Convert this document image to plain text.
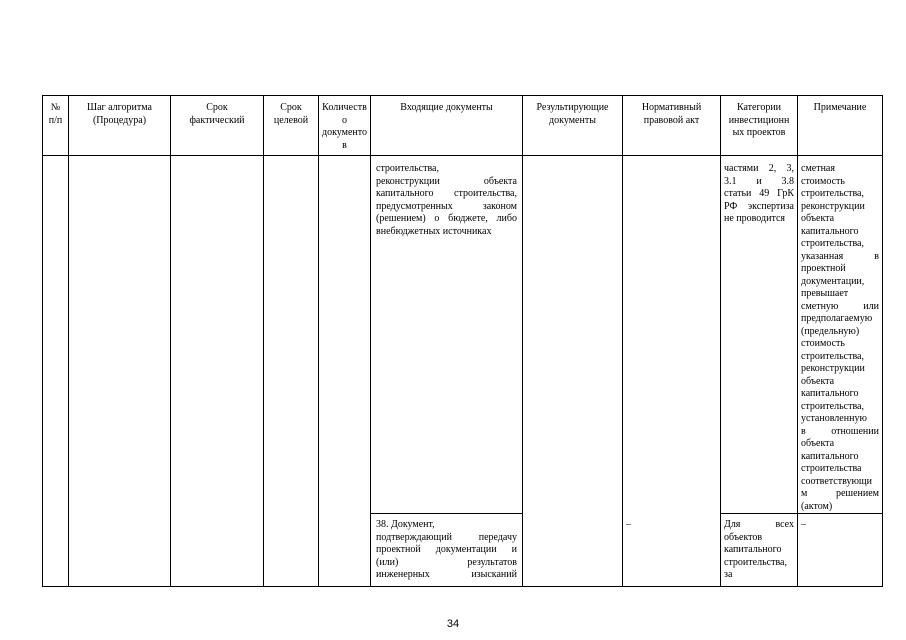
№
п/п
Шаг алгоритма
(Процедура)
Срок
фактический
Срок
целевой
Количеств
о
документо
в
Входящие документы	Результирующие
документы
Нормативный
правовой акт
Категории
инвестиционн
ых проектов
Примечание
строительства,
реконструкции объекта
капитального строительства,
предусмотренных законом
(решением) о бюджете, либо
внебюджетных источниках
частями 2, 3,
3.1 и 3.8
статьи 49 ГрК
РФ экспертиза
не проводится
сметная
стоимость
строительства,
реконструкции
объекта
капитального
строительства,
указанная в
проектной
документации,
превышает
сметную или
предполагаемую
(предельную)
стоимость
строительства,
реконструкции
объекта
капитального
строительства,
установленную
в отношении
объекта
капитального
строительства
соответствующи
м решением
(актом)
38. Документ,
подтверждающий передачу
проектной документации и
(или) результатов
инженерных изысканий
–	Для всех
объектов
капитального
строительства,
за
–
34
